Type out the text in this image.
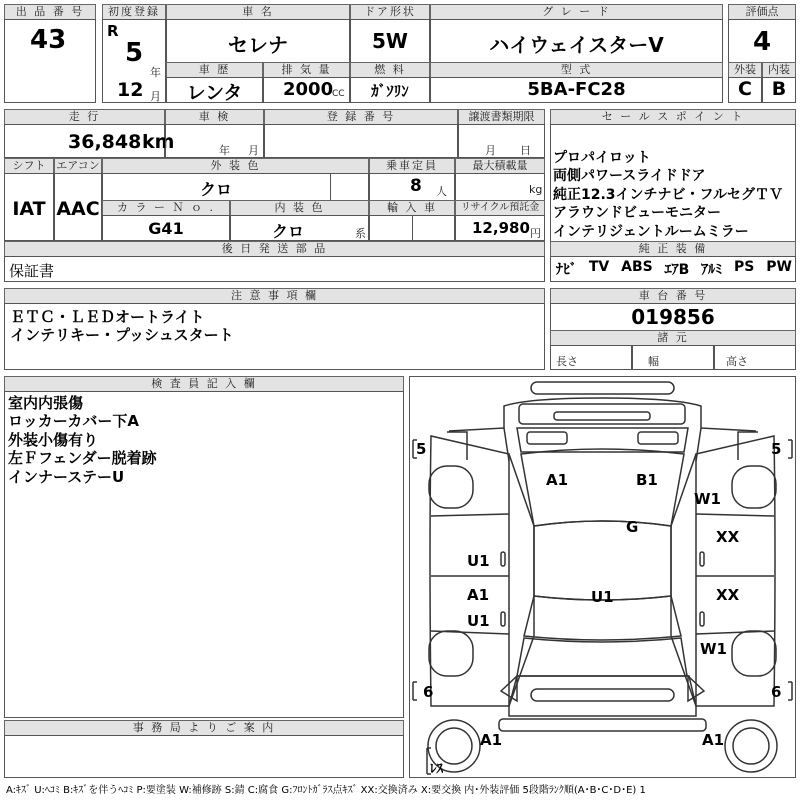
出 品 番 号
43
初度登録
R
5
年
12 月
車 名
セレナ
ドア形状
5W
グ レ ー ド
ハイウェイスターV
評価点
4
車 歴
レンタ
排 気 量
2000
CC
燃 料
ｶﾞｿﾘﾝ
型 式
5BA-FC28
外装	内装
C	B
走 行
36,848 km
車 検
年 月
登 録 番 号	譲渡書類期限
月 日
シフト エアコン
IAT AAC
外 装 色
クロ
乗車定員
8 人
最大積載量
kg
カ ラ ー Ｎ ｏ .
G41
内 装 色
クロ	系
輸 入 車	リサイクル預託金
12,980 円
後 日 発 送 部 品
保証書
セ ー ル ス ポ イ ン ト
プロパイロット
両側パワースライドドア
純正12.3インチナビ・フルセグＴＶ
アラウンドビューモニター
インテリジェントルームミラー
純 正 装 備
ﾅﾋﾞ TV ABS ｴｱB ｱﾙﾐ PS PW
注 意 事 項 欄
ＥＴＣ・ＬＥＤオートライト
インテリキー・プッシュスタート
車 台 番 号
019856
諸 元
長さ	幅	高さ
検 査 員 記 入 欄
室内内張傷
ロッカーカバー下A
外装小傷有り
左Ｆフェンダー脱着跡
インナーステーU
事 務 局 よ り ご 案 内
5	5
6	6
ﾚｽ
A1	B1
W1
G
XX
U1
U1
A1
U1
XX
W1
A1	A1
A:ｷｽﾞ U:ﾍｺﾐ B:ｷｽﾞを伴うﾍｺﾐ P:要塗装 W:補修跡 S:錆 C:腐食 G:ﾌﾛﾝﾄｶﾞﾗｽ点ｷｽﾞ XX:交換済み X:要交換 内･外装評価 5段階ﾗﾝｸ順(A･B･C･D･E) 1
